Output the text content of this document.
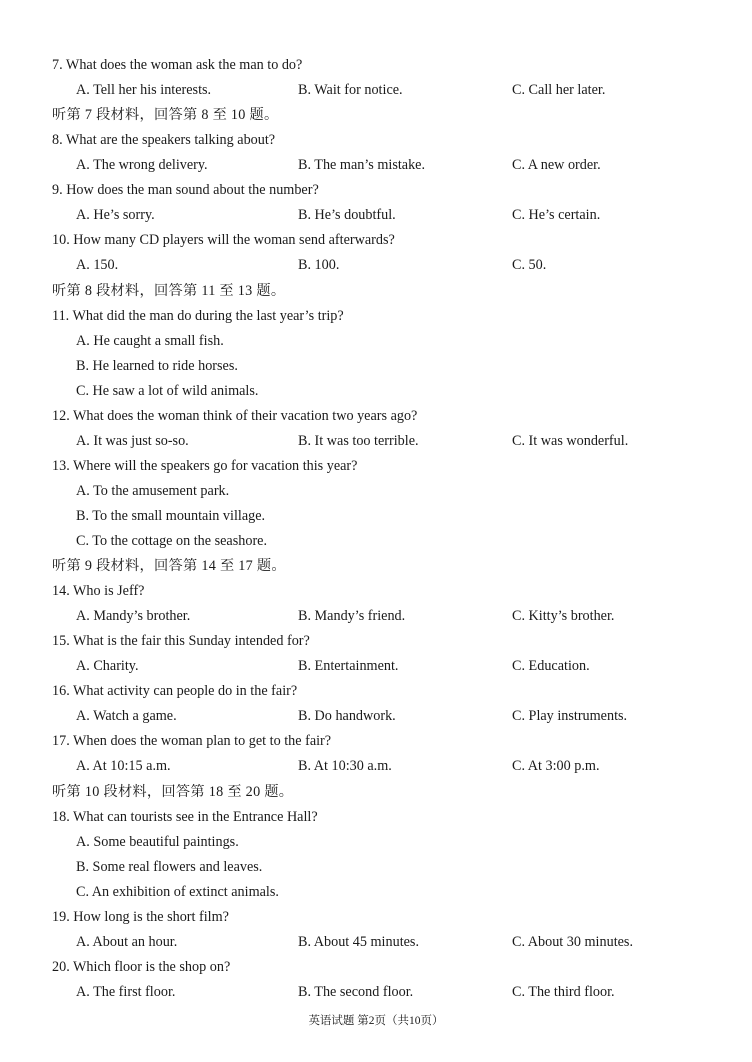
7. What does the woman ask the man to do?
A. Tell her his interests.	B. Wait for notice.	C. Call her later.
听第 7 段材料，回答第 8 至 10 题。
8. What are the speakers talking about?
A. The wrong delivery.	B. The man’s mistake.	C. A new order.
9. How does the man sound about the number?
A. He’s sorry.	B. He’s doubtful.	C. He’s certain.
10. How many CD players will the woman send afterwards?
A. 150.	B. 100.	C. 50.
听第 8 段材料，回答第 11 至 13 题。
11. What did the man do during the last year’s trip?
A. He caught a small fish.
B. He learned to ride horses.
C. He saw a lot of wild animals.
12. What does the woman think of their vacation two years ago?
A. It was just so-so.	B. It was too terrible.	C. It was wonderful.
13. Where will the speakers go for vacation this year?
A. To the amusement park.
B. To the small mountain village.
C. To the cottage on the seashore.
听第 9 段材料，回答第 14 至 17 题。
14. Who is Jeff?
A. Mandy’s brother.	B. Mandy’s friend.	C. Kitty’s brother.
15. What is the fair this Sunday intended for?
A. Charity.	B. Entertainment.	C. Education.
16. What activity can people do in the fair?
A. Watch a game.	B. Do handwork.	C. Play instruments.
17. When does the woman plan to get to the fair?
A. At 10:15 a.m.	B. At 10:30 a.m.	C. At 3:00 p.m.
听第 10 段材料，回答第 18 至 20 题。
18. What can tourists see in the Entrance Hall?
A. Some beautiful paintings.
B. Some real flowers and leaves.
C. An exhibition of extinct animals.
19. How long is the short film?
A. About an hour.	B. About 45 minutes.	C. About 30 minutes.
20. Which floor is the shop on?
A. The first floor.	B. The second floor.	C. The third floor.
英语试题 第2页（共10页）
